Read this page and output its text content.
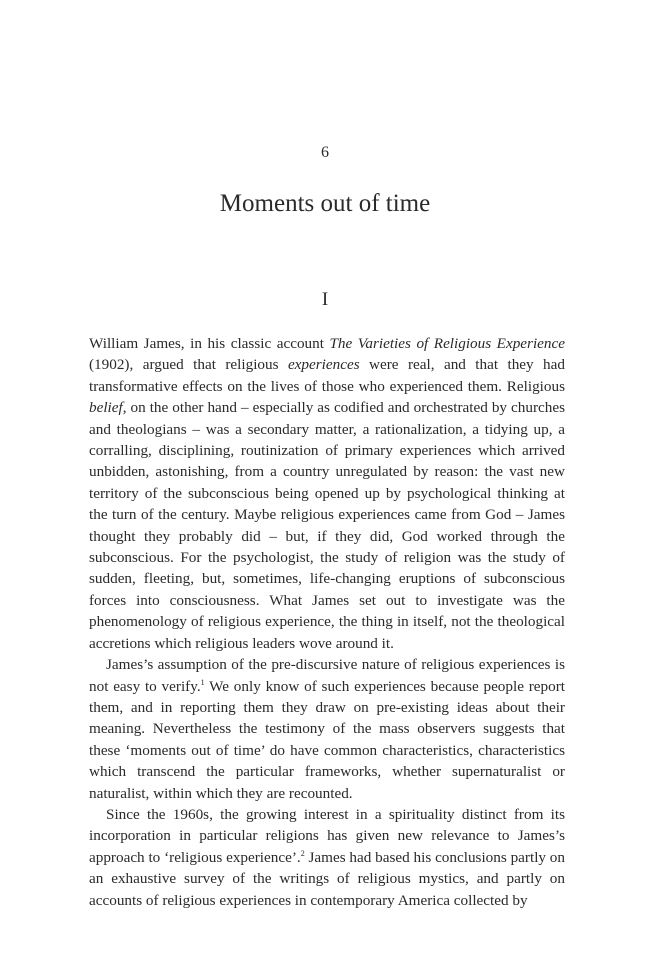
6
Moments out of time
I

William James, in his classic account The Varieties of Religious Experience (1902), argued that religious experiences were real, and that they had transformative effects on the lives of those who experienced them. Religious belief, on the other hand – especially as codified and orchestrated by churches and theologians – was a secondary matter, a rationalization, a tidying up, a corralling, disciplining, routinization of primary experiences which arrived unbidden, astonishing, from a country unregulated by reason: the vast new territory of the subconscious being opened up by psychological thinking at the turn of the century. Maybe religious experiences came from God – James thought they probably did – but, if they did, God worked through the subconscious. For the psychologist, the study of religion was the study of sudden, fleeting, but, sometimes, life-changing eruptions of subconscious forces into consciousness. What James set out to investigate was the phenomenology of religious experience, the thing in itself, not the theological accretions which religious leaders wove around it.

James’s assumption of the pre-discursive nature of religious experiences is not easy to verify.$^1$ We only know of such experiences because people report them, and in reporting them they draw on pre-existing ideas about their meaning. Nevertheless the testimony of the mass observers suggests that these ‘moments out of time’ do have common characteristics, characteristics which transcend the particular frameworks, whether supernaturalist or naturalist, within which they are recounted.

Since the 1960s, the growing interest in a spirituality distinct from its incorporation in particular religions has given new relevance to James’s approach to ‘religious experience’.$^2$ James had based his conclusions partly on an exhaustive survey of the writings of religious mystics, and partly on accounts of religious experiences in contemporary America collected by
